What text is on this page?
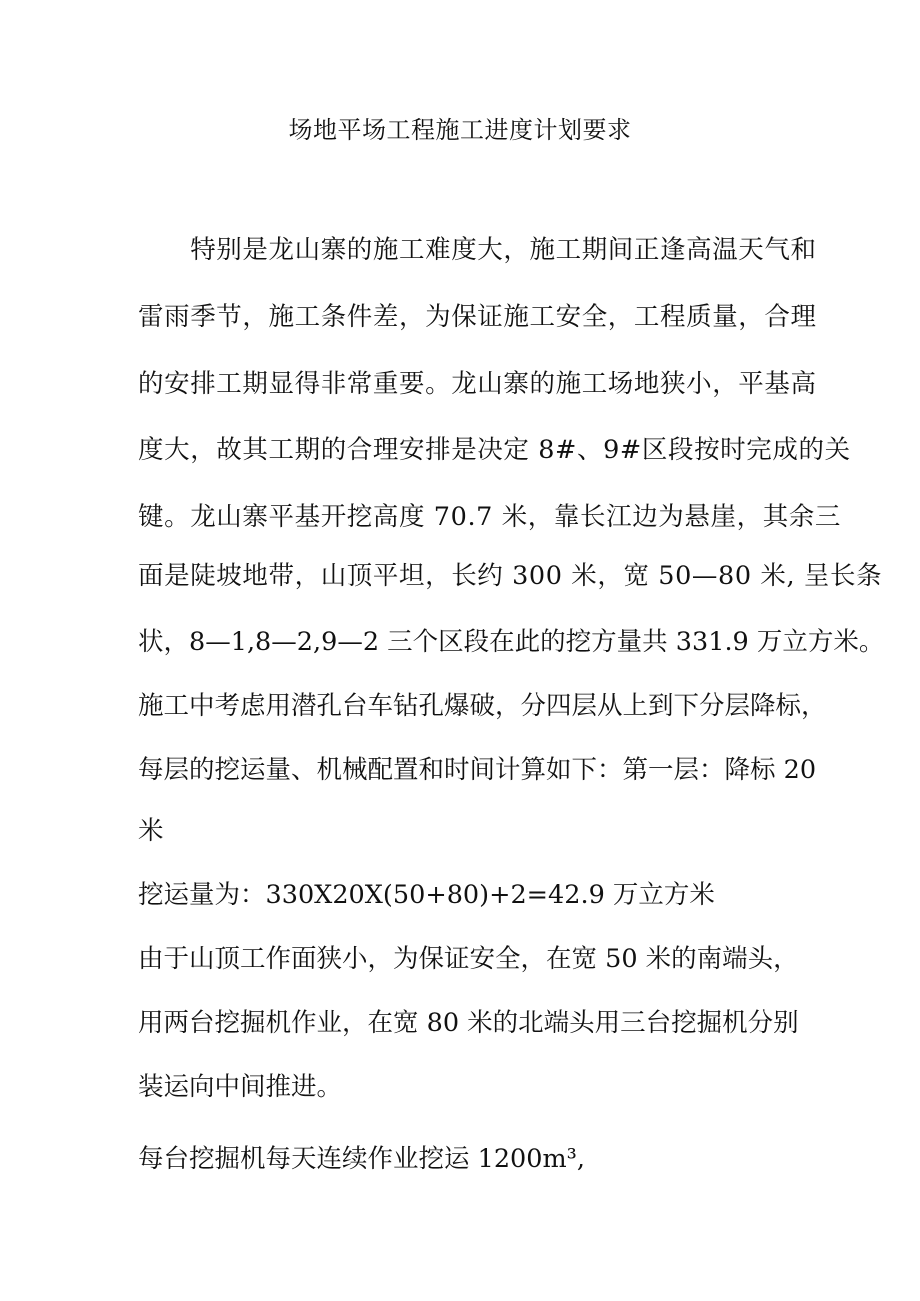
场地平场工程施工进度计划要求
　　特别是龙山寨的施工难度大，施工期间正逢高温天气和
雷雨季节，施工条件差，为保证施工安全，工程质量，合理
的安排工期显得非常重要。龙山寨的施工场地狭小，平基高
度大，故其工期的合理安排是决定 8#、9#区段按时完成的关
键。龙山寨平基开挖高度 70.7 米，靠长江边为悬崖，其余三
面是陡坡地带，山顶平坦，长约 300 米，宽 50—80 米, 呈长条
状，8—1,8—2,9—2 三个区段在此的挖方量共 331.9 万立方米。
施工中考虑用潜孔台车钻孔爆破，分四层从上到下分层降标，
每层的挖运量、机械配置和时间计算如下：第一层：降标 20
米
挖运量为：330X20X(50+80)+2=42.9 万立方米
由于山顶工作面狭小，为保证安全，在宽 50 米的南端头，
用两台挖掘机作业，在宽 80 米的北端头用三台挖掘机分别
装运向中间推进。
每台挖掘机每天连续作业挖运 1200m³,
